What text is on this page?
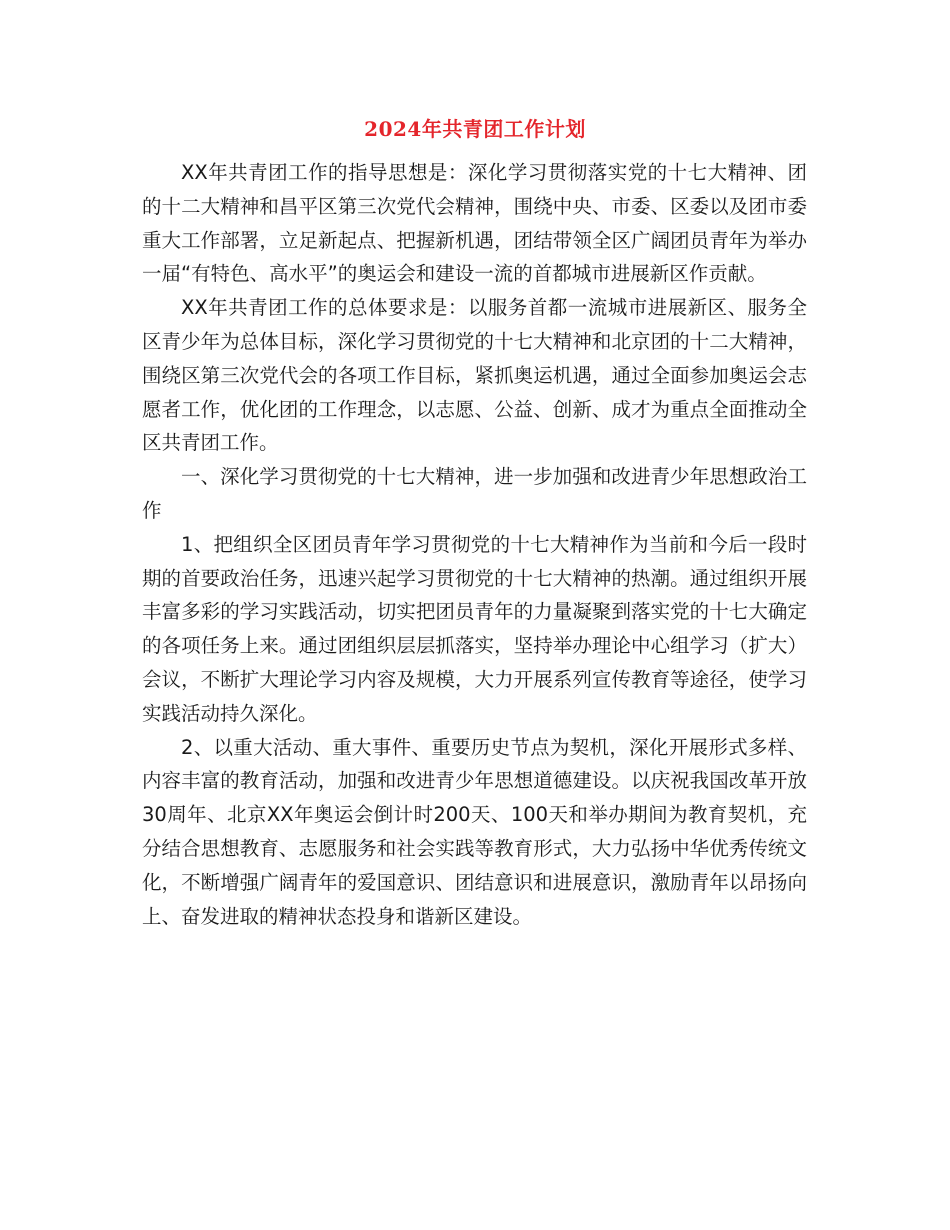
2024年共青团工作计划

XX年共青团工作的指导思想是：深化学习贯彻落实党的十七大精神、团的十二大精神和昌平区第三次党代会精神，围绕中央、市委、区委以及团市委重大工作部署，立足新起点、把握新机遇，团结带领全区广阔团员青年为举办一届“有特色、高水平”的奥运会和建设一流的首都城市进展新区作贡献。

XX年共青团工作的总体要求是：以服务首都一流城市进展新区、服务全区青少年为总体目标，深化学习贯彻党的十七大精神和北京团的十二大精神，围绕区第三次党代会的各项工作目标，紧抓奥运机遇，通过全面参加奥运会志愿者工作，优化团的工作理念，以志愿、公益、创新、成才为重点全面推动全区共青团工作。

一、深化学习贯彻党的十七大精神，进一步加强和改进青少年思想政治工作

1、把组织全区团员青年学习贯彻党的十七大精神作为当前和今后一段时期的首要政治任务，迅速兴起学习贯彻党的十七大精神的热潮。通过组织开展丰富多彩的学习实践活动，切实把团员青年的力量凝聚到落实党的十七大确定的各项任务上来。通过团组织层层抓落实，坚持举办理论中心组学习（扩大）会议，不断扩大理论学习内容及规模，大力开展系列宣传教育等途径，使学习实践活动持久深化。

2、以重大活动、重大事件、重要历史节点为契机，深化开展形式多样、内容丰富的教育活动，加强和改进青少年思想道德建设。以庆祝我国改革开放30周年、北京XX年奥运会倒计时200天、100天和举办期间为教育契机，充分结合思想教育、志愿服务和社会实践等教育形式，大力弘扬中华优秀传统文化，不断增强广阔青年的爱国意识、团结意识和进展意识，激励青年以昂扬向上、奋发进取的精神状态投身和谐新区建设。
